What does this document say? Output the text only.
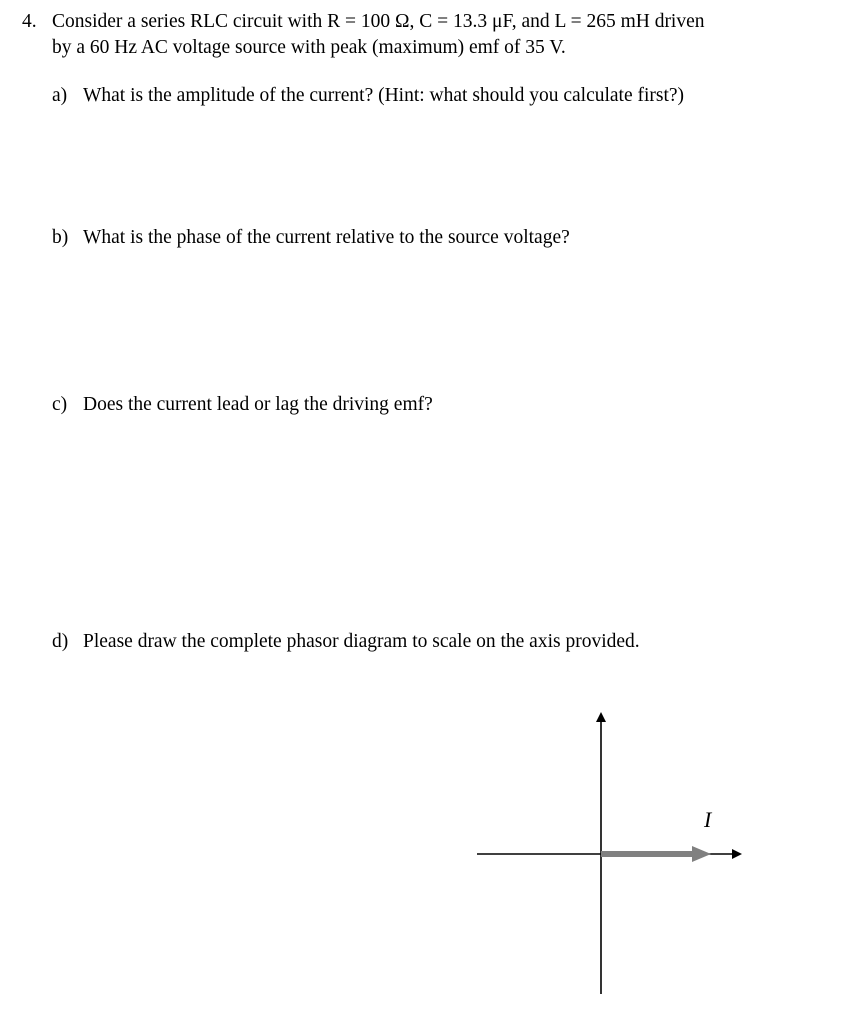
4. Consider a series RLC circuit with R = 100 Ω, C = 13.3 μF, and L = 265 mH driven
by a 60 Hz AC voltage source with peak (maximum) emf of 35 V.
a) What is the amplitude of the current? (Hint: what should you calculate first?)
b) What is the phase of the current relative to the source voltage?
c) Does the current lead or lag the driving emf?
d) Please draw the complete phasor diagram to scale on the axis provided.
I
